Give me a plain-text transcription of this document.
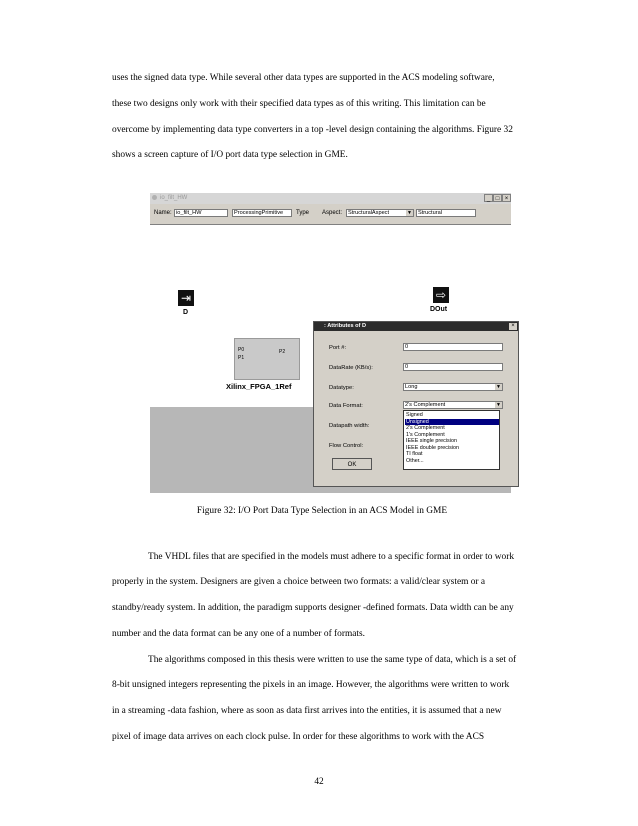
uses the signed data type. While several other data types are supported in the ACS modeling software,
these two designs only work with their specified data types as of this writing. This limitation can be
overcome by implementing data type converters in a top -level design containing the algorithms. Figure 32
shows a screen capture of I/O port data type selection in GME.
io_filt_HW	_ □ ×
Name: io_filt_HW	ProcessingPrimitive	Type Aspect:	StructuralAspect	▼	Structural
⇥
D
⇨
DOut
P0
P1
P2
Xilinx_FPGA_1Ref
: Attributes of D	×
Port #:	0
DataRate (KB/s):	0
Datatype:	Long	▼
Data Format:	2's Complement	▼
Datapath width:
Flow Control:
OK
Signed
Unsigned
2's Complement
1's Complement
IEEE single precision
IEEE double precision
TI float
Other...
Figure 32: I/O Port Data Type Selection in an ACS Model in GME
The VHDL files that are specified in the models must adhere to a specific format in order to work
properly in the system. Designers are given a choice between two formats: a valid/clear system or a
standby/ready system. In addition, the paradigm supports designer -defined formats. Data width can be any
number and the data format can be any one of a number of formats.
The algorithms composed in this thesis were written to use the same type of data, which is a set of
8-bit unsigned integers representing the pixels in an image. However, the algorithms were written to work
in a streaming -data fashion, where as soon as data first arrives into the entities, it is assumed that a new
pixel of image data arrives on each clock pulse. In order for these algorithms to work with the ACS
42
